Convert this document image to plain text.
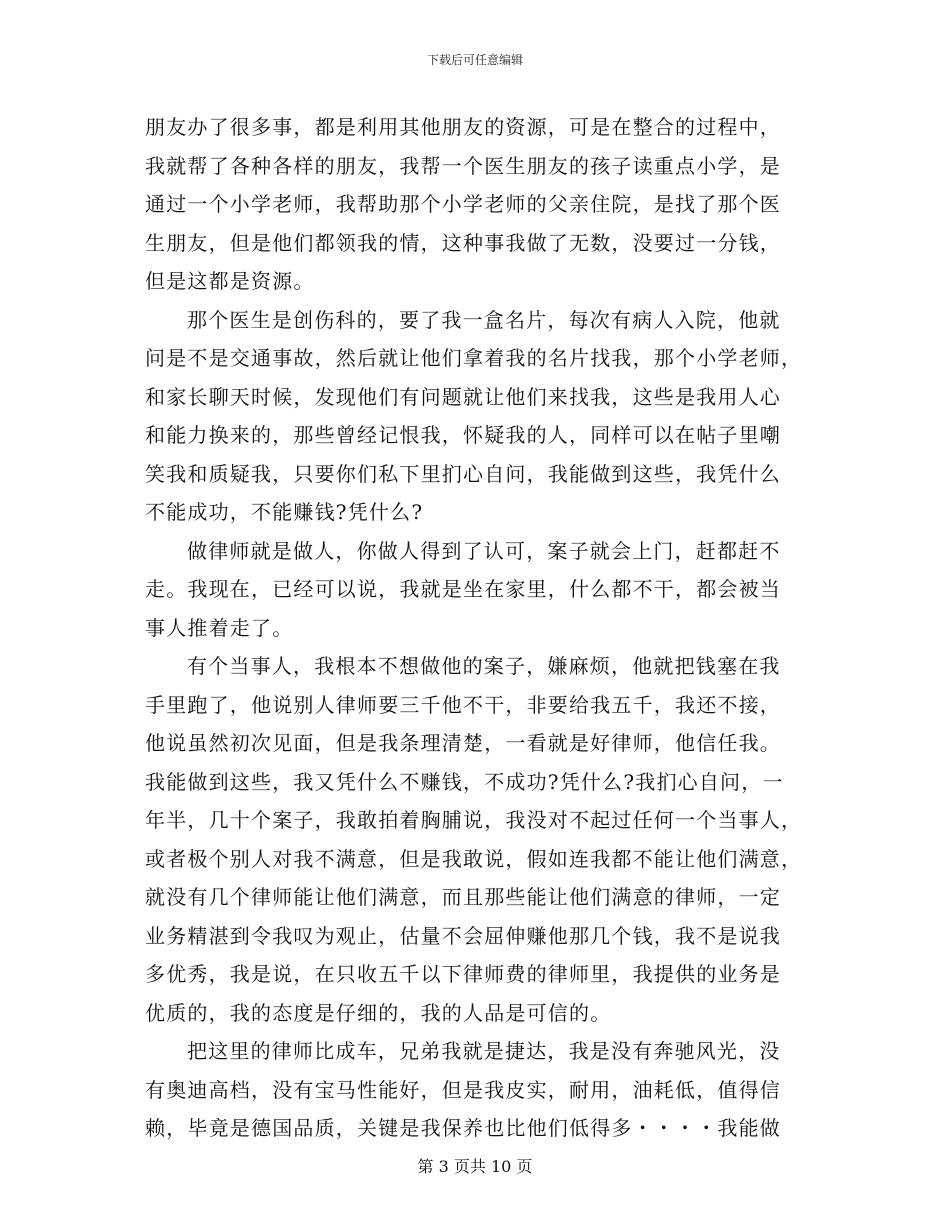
下载后可任意编辑

朋友办了很多事，都是利用其他朋友的资源，可是在整合的过程中，
我就帮了各种各样的朋友，我帮一个医生朋友的孩子读重点小学，是
通过一个小学老师，我帮助那个小学老师的父亲住院，是找了那个医
生朋友，但是他们都领我的情，这种事我做了无数，没要过一分钱，
但是这都是资源。

那个医生是创伤科的，要了我一盒名片，每次有病人入院，他就
问是不是交通事故，然后就让他们拿着我的名片找我，那个小学老师，
和家长聊天时候，发现他们有问题就让他们来找我，这些是我用人心
和能力换来的，那些曾经记恨我，怀疑我的人，同样可以在帖子里嘲
笑我和质疑我，只要你们私下里扪心自问，我能做到这些，我凭什么
不能成功，不能赚钱?凭什么?

做律师就是做人，你做人得到了认可，案子就会上门，赶都赶不
走。我现在，已经可以说，我就是坐在家里，什么都不干，都会被当
事人推着走了。

有个当事人，我根本不想做他的案子，嫌麻烦，他就把钱塞在我
手里跑了，他说别人律师要三千他不干，非要给我五千，我还不接，
他说虽然初次见面，但是我条理清楚，一看就是好律师，他信任我。
我能做到这些，我又凭什么不赚钱，不成功?凭什么?我扪心自问，一
年半，几十个案子，我敢拍着胸脯说，我没对不起过任何一个当事人，
或者极个别人对我不满意，但是我敢说，假如连我都不能让他们满意，
就没有几个律师能让他们满意，而且那些能让他们满意的律师，一定
业务精湛到令我叹为观止，估量不会屈伸赚他那几个钱，我不是说我
多优秀，我是说，在只收五千以下律师费的律师里，我提供的业务是
优质的，我的态度是仔细的，我的人品是可信的。

把这里的律师比成车，兄弟我就是捷达，我是没有奔驰风光，没
有奥迪高档，没有宝马性能好，但是我皮实，耐用，油耗低，值得信
赖，毕竟是德国品质，关键是我保养也比他们低得多・・・・我能做

第 3 页共 10 页
